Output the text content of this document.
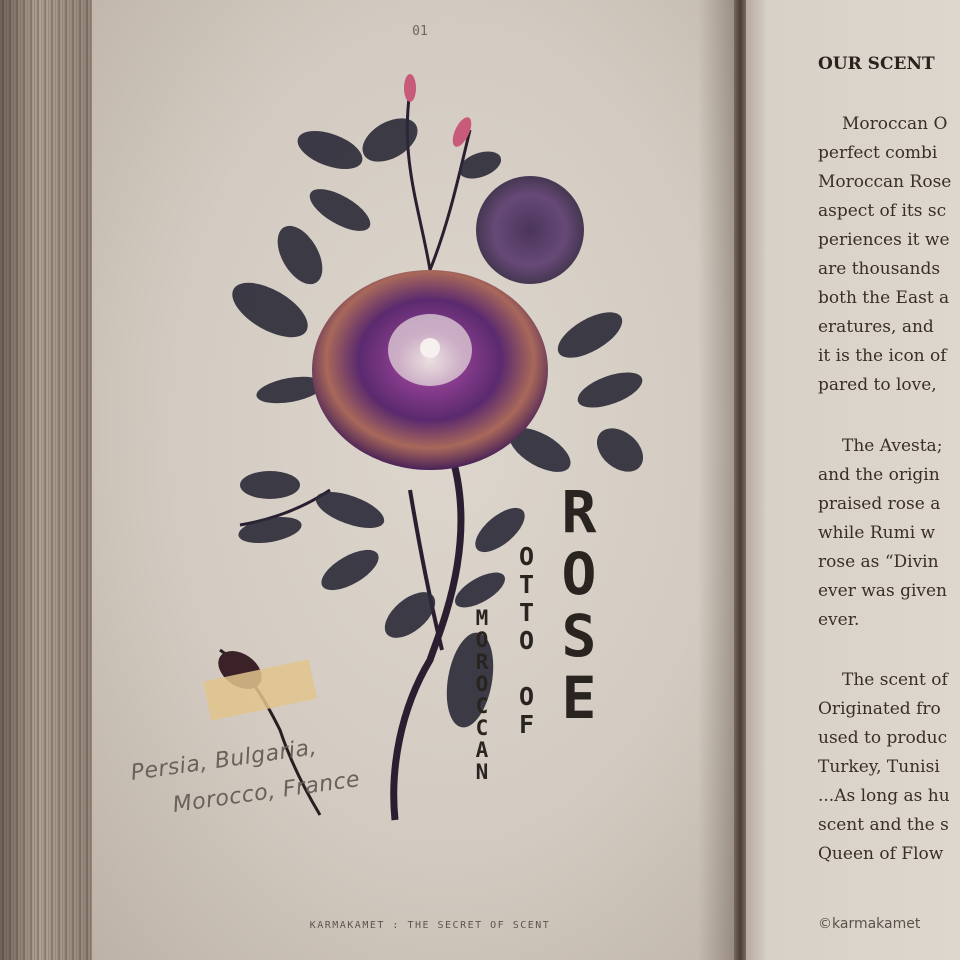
01
Persia, Bulgaria,
Morocco, France
MOROCCAN OTTO OF ROSE
KARMAKAMET : THE SECRET OF SCENT
OUR SCENT
Moroccan O
perfect combi
Moroccan Rose
aspect of its sc
periences it we
are thousands
both the East a
eratures, and
it is the icon of
pared to love,
The Avesta;
and the origin
praised rose a
while Rumi w
rose as “Divin
ever was given
ever.
The scent of
Originated fro
used to produc
Turkey, Tunisi
...As long as hu
scent and the s
Queen of Flow
©karmakamet
